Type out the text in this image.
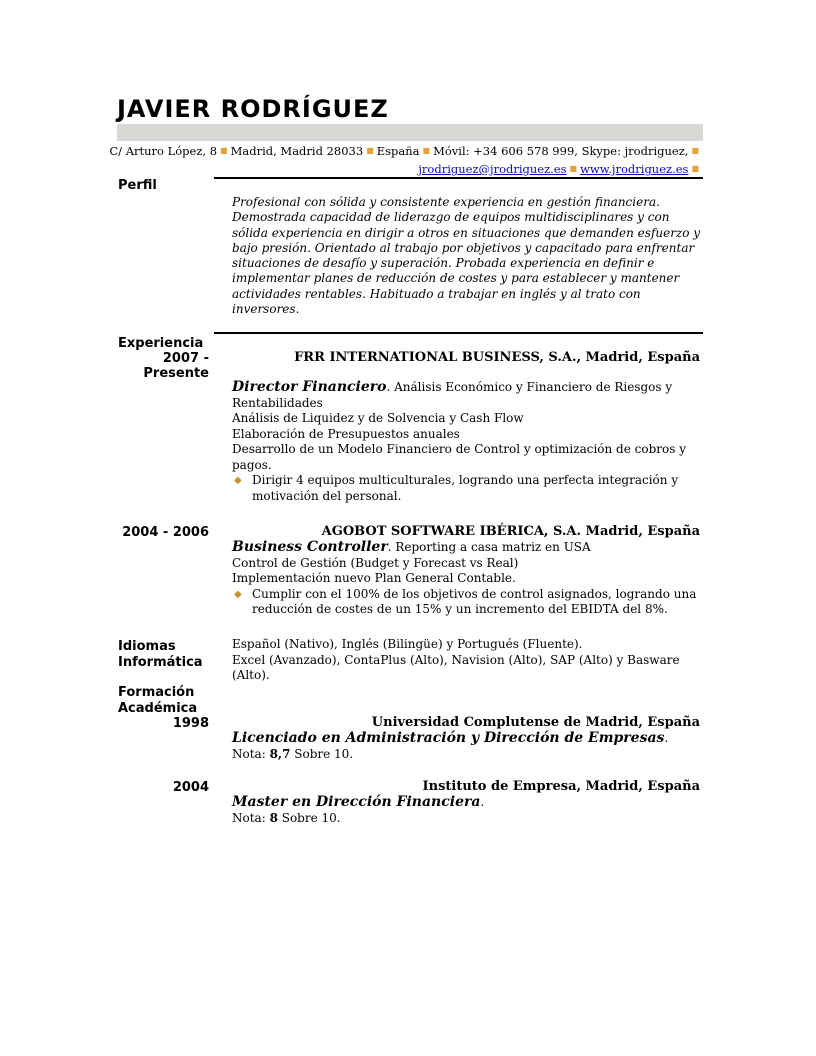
JAVIER RODRÍGUEZ
C/ Arturo López, 8 ■ Madrid, Madrid 28033 ■ España ■ Móvil: +34 606 578 999, Skype: jrodriguez, ■
jrodriguez@jrodriguez.es ■ www.jrodriguez.es ■
Perfil
Experiencia
2007 -
Presente
2004 - 2006
Idiomas
Informática
Formación
Académica
1998
2004
Profesional con sólida y consistente experiencia en gestión financiera.
Demostrada capacidad de liderazgo de equipos multidisciplinares y con
sólida experiencia en dirigir a otros en situaciones que demanden esfuerzo y
bajo presión. Orientado al trabajo por objetivos y capacitado para enfrentar
situaciones de desafío y superación. Probada experiencia en definir e
implementar planes de reducción de costes y para establecer y mantener
actividades rentables. Habituado a trabajar en inglés y al trato con
inversores.
FRR INTERNATIONAL BUSINESS, S.A., Madrid, España
Director Financiero. Análisis Económico y Financiero de Riesgos y
Rentabilidades
Análisis de Liquidez y de Solvencia y Cash Flow
Elaboración de Presupuestos anuales
Desarrollo de un Modelo Financiero de Control y optimización de cobros y
pagos.
◆ Dirigir 4 equipos multiculturales, logrando una perfecta integración y
motivación del personal.
AGOBOT SOFTWARE IBÉRICA, S.A. Madrid, España
Business Controller. Reporting a casa matriz en USA
Control de Gestión (Budget y Forecast vs Real)
Implementación nuevo Plan General Contable.
◆ Cumplir con el 100% de los objetivos de control asignados, logrando una
reducción de costes de un 15% y un incremento del EBIDTA del 8%.
Español (Nativo), Inglés (Bilingüe) y Portugués (Fluente).
Excel (Avanzado), ContaPlus (Alto), Navision (Alto), SAP (Alto) y Basware
(Alto).
Universidad Complutense de Madrid, España
Licenciado en Administración y Dirección de Empresas.
Nota: 8,7 Sobre 10.
Instituto de Empresa, Madrid, España
Master en Dirección Financiera.
Nota: 8 Sobre 10.
